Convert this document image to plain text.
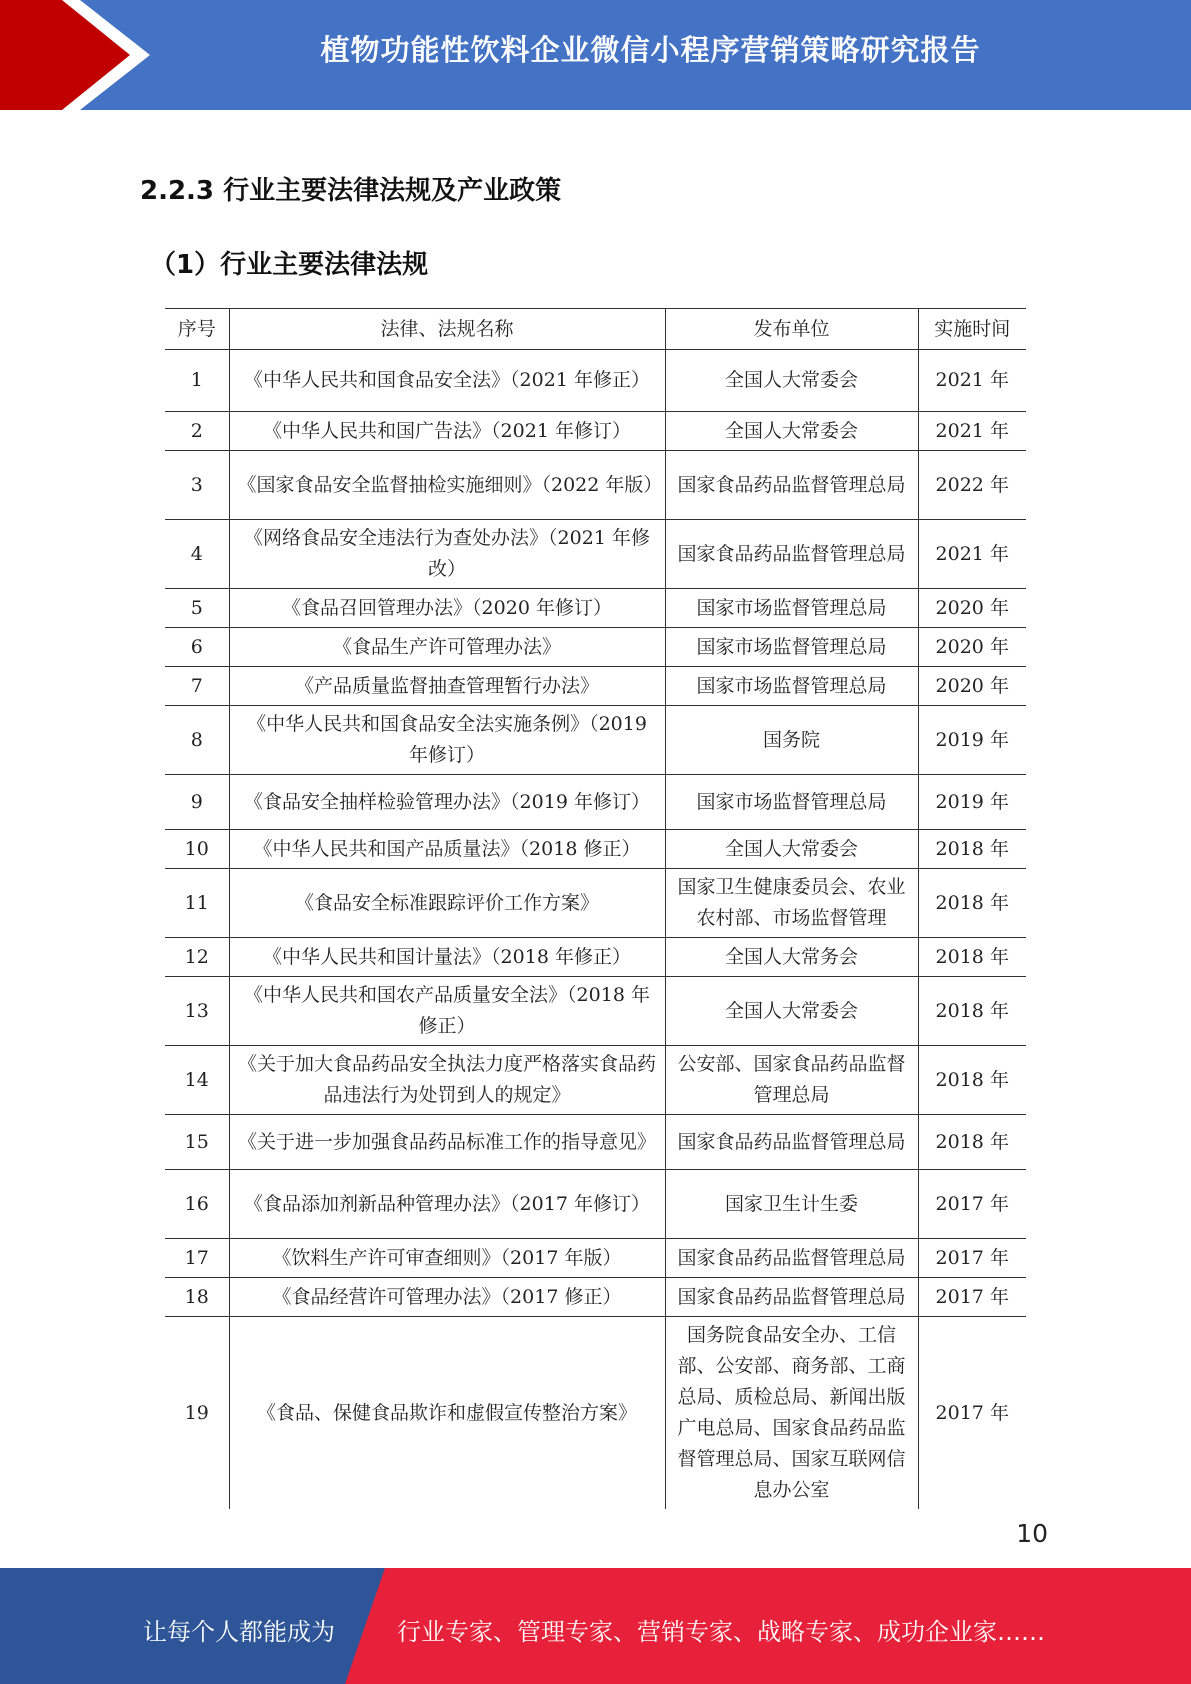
植物功能性饮料企业微信小程序营销策略研究报告
2.2.3 行业主要法律法规及产业政策
（1）行业主要法律法规
序号	法律、法规名称	发布单位	实施时间
1	《中华人民共和国食品安全法》（2021 年修正）	全国人大常委会	2021 年
2	《中华人民共和国广告法》（2021 年修订）	全国人大常委会	2021 年
3	《国家食品安全监督抽检实施细则》（2022 年版）	国家食品药品监督管理总局	2022 年
4	《网络食品安全违法行为查处办法》（2021 年修改）	国家食品药品监督管理总局	2021 年
5	《食品召回管理办法》（2020 年修订）	国家市场监督管理总局	2020 年
6	《食品生产许可管理办法》	国家市场监督管理总局	2020 年
7	《产品质量监督抽查管理暂行办法》	国家市场监督管理总局	2020 年
8	《中华人民共和国食品安全法实施条例》（2019 年修订）	国务院	2019 年
9	《食品安全抽样检验管理办法》（2019 年修订）	国家市场监督管理总局	2019 年
10	《中华人民共和国产品质量法》（2018 修正）	全国人大常委会	2018 年
11	《食品安全标准跟踪评价工作方案》	国家卫生健康委员会、农业农村部、市场监督管理	2018 年
12	《中华人民共和国计量法》（2018 年修正）	全国人大常务会	2018 年
13	《中华人民共和国农产品质量安全法》（2018 年修正）	全国人大常委会	2018 年
14	《关于加大食品药品安全执法力度严格落实食品药品违法行为处罚到人的规定》	公安部、国家食品药品监督管理总局	2018 年
15	《关于进一步加强食品药品标准工作的指导意见》	国家食品药品监督管理总局	2018 年
16	《食品添加剂新品种管理办法》（2017 年修订）	国家卫生计生委	2017 年
17	《饮料生产许可审查细则》（2017 年版）	国家食品药品监督管理总局	2017 年
18	《食品经营许可管理办法》（2017 修正）	国家食品药品监督管理总局	2017 年
19	《食品、保健食品欺诈和虚假宣传整治方案》	国务院食品安全办、工信部、公安部、商务部、工商总局、质检总局、新闻出版广电总局、国家食品药品监督管理总局、国家互联网信息办公室	2017 年
10
让每个人都能成为	行业专家、管理专家、营销专家、战略专家、成功企业家……
